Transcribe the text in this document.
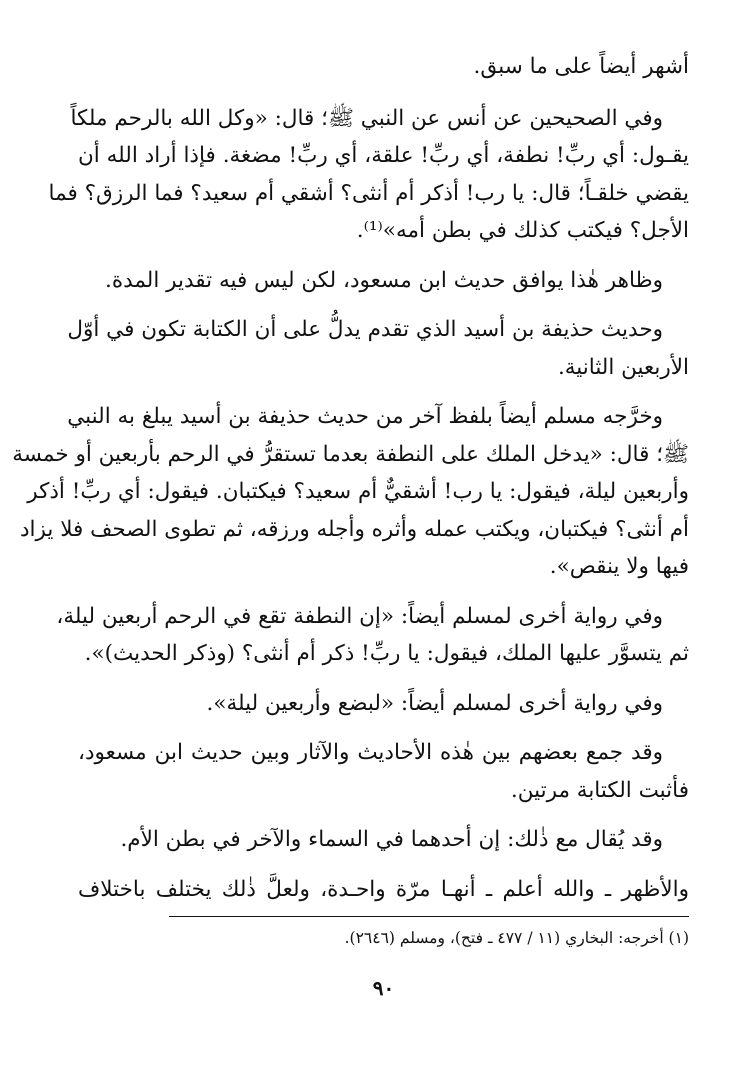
أشهر أيضاً على ما سبق.

وفي الصحيحين عن أنس عن النبي ﷺ؛ قال: «وكل الله بالرحم ملكاً
يقـول: أي ربِّ! نطفة، أي ربِّ! علقة، أي ربِّ! مضغة. فإذا أراد الله أن
يقضي خلقـاً؛ قال: يا رب! أذكر أم أنثى؟ أشقي أم سعيد؟ فما الرزق؟ فما
الأجل؟ فيكتب كذلك في بطن أمه»⁽¹⁾.

وظاهر هٰذا يوافق حديث ابن مسعود، لكن ليس فيه تقدير المدة.

وحديث حذيفة بن أسيد الذي تقدم يدلُّ على أن الكتابة تكون في أوّل
الأربعين الثانية.

وخرَّجه مسلم أيضاً بلفظ آخر من حديث حذيفة بن أسيد يبلغ به النبي
ﷺ؛ قال: «يدخل الملك على النطفة بعدما تستقرُّ في الرحم بأربعين أو خمسة
وأربعين ليلة، فيقول: يا رب! أشقيٌّ أم سعيد؟ فيكتبان. فيقول: أي ربِّ! أذكر
أم أنثى؟ فيكتبان، ويكتب عمله وأثره وأجله ورزقه، ثم تطوى الصحف فلا يزاد
فيها ولا ينقص».

وفي رواية أخرى لمسلم أيضاً: «إن النطفة تقع في الرحم أربعين ليلة،
ثم يتسوَّر عليها الملك، فيقول: يا ربِّ! ذكر أم أنثى؟ (وذكر الحديث)».

وفي رواية أخرى لمسلم أيضاً: «لبضع وأربعين ليلة».

وقد جمع بعضهم بين هٰذه الأحاديث والآثار وبين حديث ابن مسعود،
فأثبت الكتابة مرتين.

وقد يُقال مع ذٰلك: إن أحدهما في السماء والآخر في بطن الأم.

والأظهر ـ والله أعلم ـ أنهـا مرّة واحـدة، ولعلَّ ذٰلك يختلف باختلاف

(١) أخرجه: البخاري (١١ / ٤٧٧ ـ فتح)، ومسلم (٢٦٤٦).
٩٠
